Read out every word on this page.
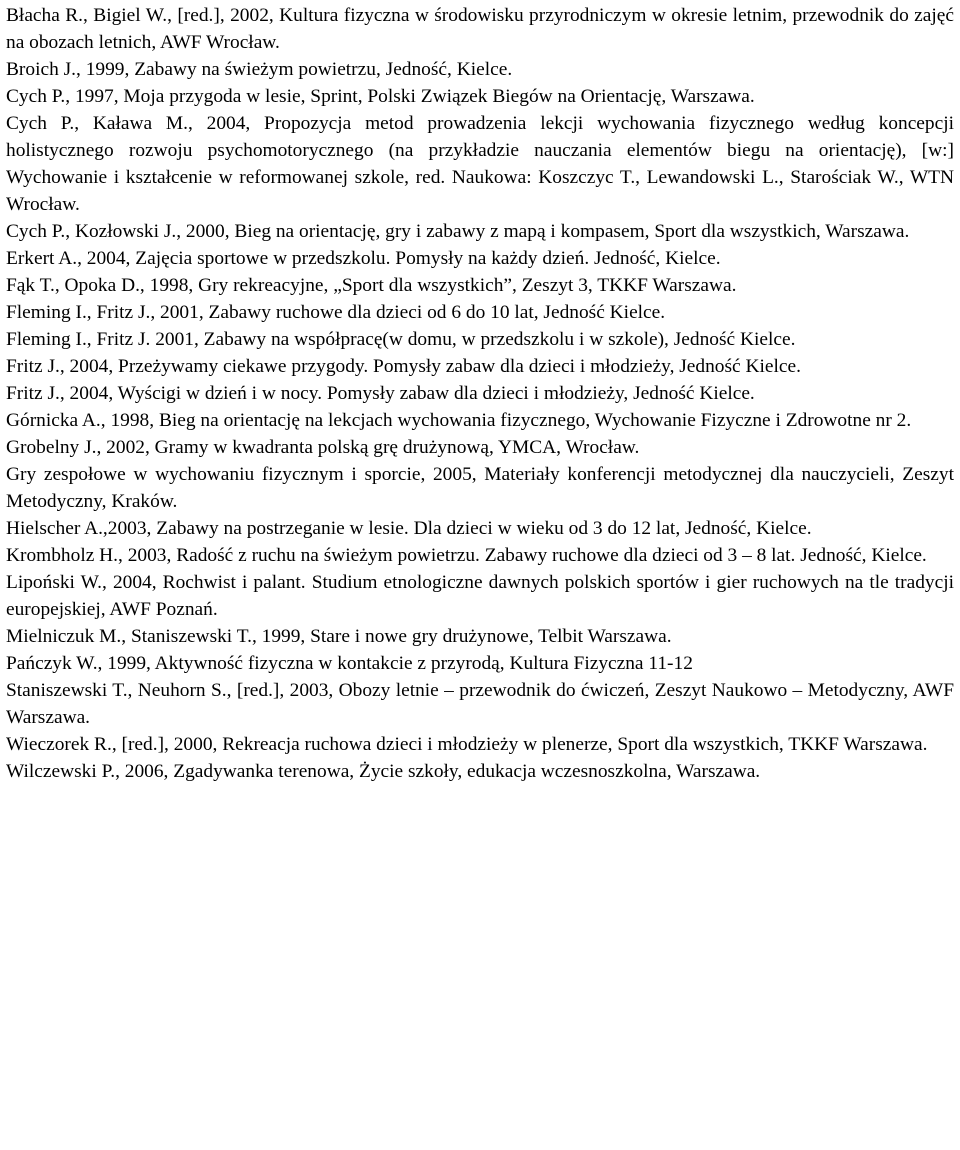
Błacha R., Bigiel W., [red.], 2002, Kultura fizyczna w środowisku przyrodniczym w okresie letnim, przewodnik do zajęć na obozach letnich, AWF Wrocław.
Broich J., 1999, Zabawy na świeżym powietrzu, Jedność, Kielce.
Cych P., 1997, Moja przygoda w lesie, Sprint, Polski Związek Biegów na Orientację, Warszawa.
Cych P., Kaława M., 2004, Propozycja metod prowadzenia lekcji wychowania fizycznego według koncepcji holistycznego rozwoju psychomotorycznego (na przykładzie nauczania elementów biegu na orientację), [w:] Wychowanie i kształcenie w reformowanej szkole, red. Naukowa: Koszczyc T., Lewandowski L., Starościak W., WTN Wrocław.
Cych P., Kozłowski J., 2000, Bieg na orientację, gry i zabawy z mapą i kompasem, Sport dla wszystkich, Warszawa.
Erkert A., 2004, Zajęcia sportowe w przedszkolu. Pomysły na każdy dzień. Jedność, Kielce.
Fąk T., Opoka D., 1998, Gry rekreacyjne, „Sport dla wszystkich”, Zeszyt 3, TKKF Warszawa.
Fleming I., Fritz J., 2001, Zabawy ruchowe dla dzieci od 6 do 10 lat, Jedność Kielce.
Fleming I., Fritz J. 2001, Zabawy na współpracę(w domu, w przedszkolu i w szkole), Jedność Kielce.
Fritz J., 2004, Przeżywamy ciekawe przygody. Pomysły zabaw dla dzieci i młodzieży, Jedność Kielce.
Fritz J., 2004, Wyścigi w dzień i w nocy. Pomysły zabaw dla dzieci i młodzieży, Jedność Kielce.
Górnicka A., 1998, Bieg na orientację na lekcjach wychowania fizycznego, Wychowanie Fizyczne i Zdrowotne nr 2.
Grobelny J., 2002, Gramy w kwadranta polską grę drużynową, YMCA, Wrocław.
Gry zespołowe w wychowaniu fizycznym i sporcie, 2005, Materiały konferencji metodycznej dla nauczycieli, Zeszyt Metodyczny, Kraków.
Hielscher A.,2003, Zabawy na postrzeganie w lesie. Dla dzieci w wieku od 3 do 12 lat, Jedność, Kielce.
Krombholz H., 2003, Radość z ruchu na świeżym powietrzu. Zabawy ruchowe dla dzieci od 3 – 8 lat. Jedność, Kielce.
Lipoński W., 2004, Rochwist i palant. Studium etnologiczne dawnych polskich sportów i gier ruchowych na tle tradycji europejskiej, AWF Poznań.
Mielniczuk M., Staniszewski T., 1999, Stare i nowe gry drużynowe, Telbit Warszawa.
Pańczyk W., 1999, Aktywność fizyczna w kontakcie z przyrodą, Kultura Fizyczna 11-12
Staniszewski T., Neuhorn S., [red.], 2003, Obozy letnie – przewodnik do ćwiczeń, Zeszyt Naukowo – Metodyczny, AWF Warszawa.
Wieczorek R., [red.], 2000, Rekreacja ruchowa dzieci i młodzieży w plenerze, Sport dla wszystkich, TKKF Warszawa.
Wilczewski P., 2006, Zgadywanka terenowa, Życie szkoły, edukacja wczesnoszkolna, Warszawa.
